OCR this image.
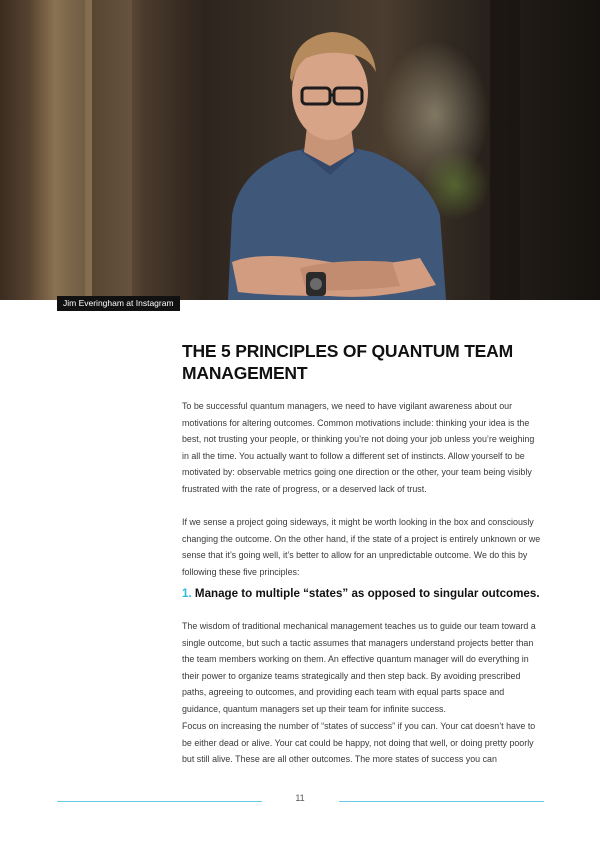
Jim Everingham at Instagram
THE 5 PRINCIPLES OF QUANTUM TEAM MANAGEMENT

To be successful quantum managers, we need to have vigilant awareness about our motivations for altering outcomes. Common motivations include: thinking your idea is the best, not trusting your people, or thinking you’re not doing your job unless you’re weighing in all the time. You actually want to follow a different set of instincts. Allow yourself to be motivated by: observable metrics going one direction or the other, your team being visibly frustrated with the rate of progress, or a deserved lack of trust.

If we sense a project going sideways, it might be worth looking in the box and consciously changing the outcome. On the other hand, if the state of a project is entirely unknown or we sense that it’s going well, it’s better to allow for an unpredictable outcome. We do this by following these five principles:

1. Manage to multiple “states” as opposed to singular outcomes.

The wisdom of traditional mechanical management teaches us to guide our team toward a single outcome, but such a tactic assumes that managers understand projects better than the team members working on them. An effective quantum manager will do everything in their power to organize teams strategically and then step back. By avoiding prescribed paths, agreeing to outcomes, and providing each team with equal parts space and guidance, quantum managers set up their team for infinite success.

Focus on increasing the number of “states of success” if you can. Your cat doesn’t have to be either dead or alive. Your cat could be happy, not doing that well, or doing pretty poorly but still alive. These are all other outcomes. The more states of success you can

11
